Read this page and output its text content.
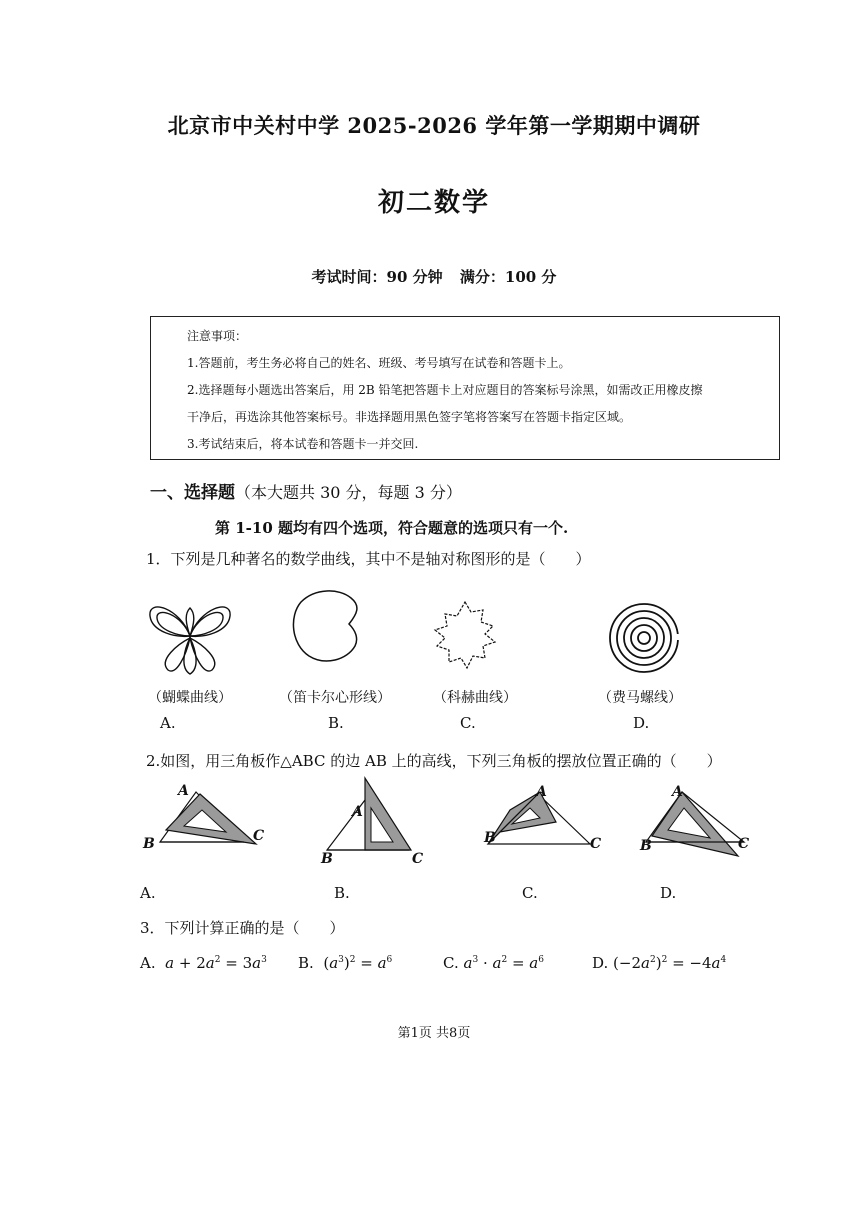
北京市中关村中学 2025-2026 学年第一学期期中调研
初二数学
考试时间：90 分钟 满分：100 分
注意事项：
1.答题前，考生务必将自己的姓名、班级、考号填写在试卷和答题卡上。
2.选择题每小题选出答案后，用 2B 铅笔把答题卡上对应题目的答案标号涂黑，如需改正用橡皮擦
干净后，再选涂其他答案标号。非选择题用黑色签字笔将答案写在答题卡指定区域。
3.考试结束后，将本试卷和答题卡一并交回.
一、选择题（本大题共 30 分，每题 3 分）
第 1-10 题均有四个选项，符合题意的选项只有一个.
1．下列是几种著名的数学曲线，其中不是轴对称图形的是（　　）
（蝴蝶曲线）	（笛卡尔心形线）	（科赫曲线）	（费马螺线）
A.	B.	C.	D.
2.如图，用三角板作△ABC 的边 AB 上的高线，下列三角板的摆放位置正确的（　　）
A
B	C
A
B	C
A
B	C
A
B	C
A.	B.	C.	D.
3．下列计算正确的是（　　）
A. $a + 2a^2 = 3a^3$ B.  $(a^3)^2 = a^6$	C. $a^3 \cdot a^2 = a^6$	D. $(-2a^2)^2 = -4a^4$
第1页 共8页
